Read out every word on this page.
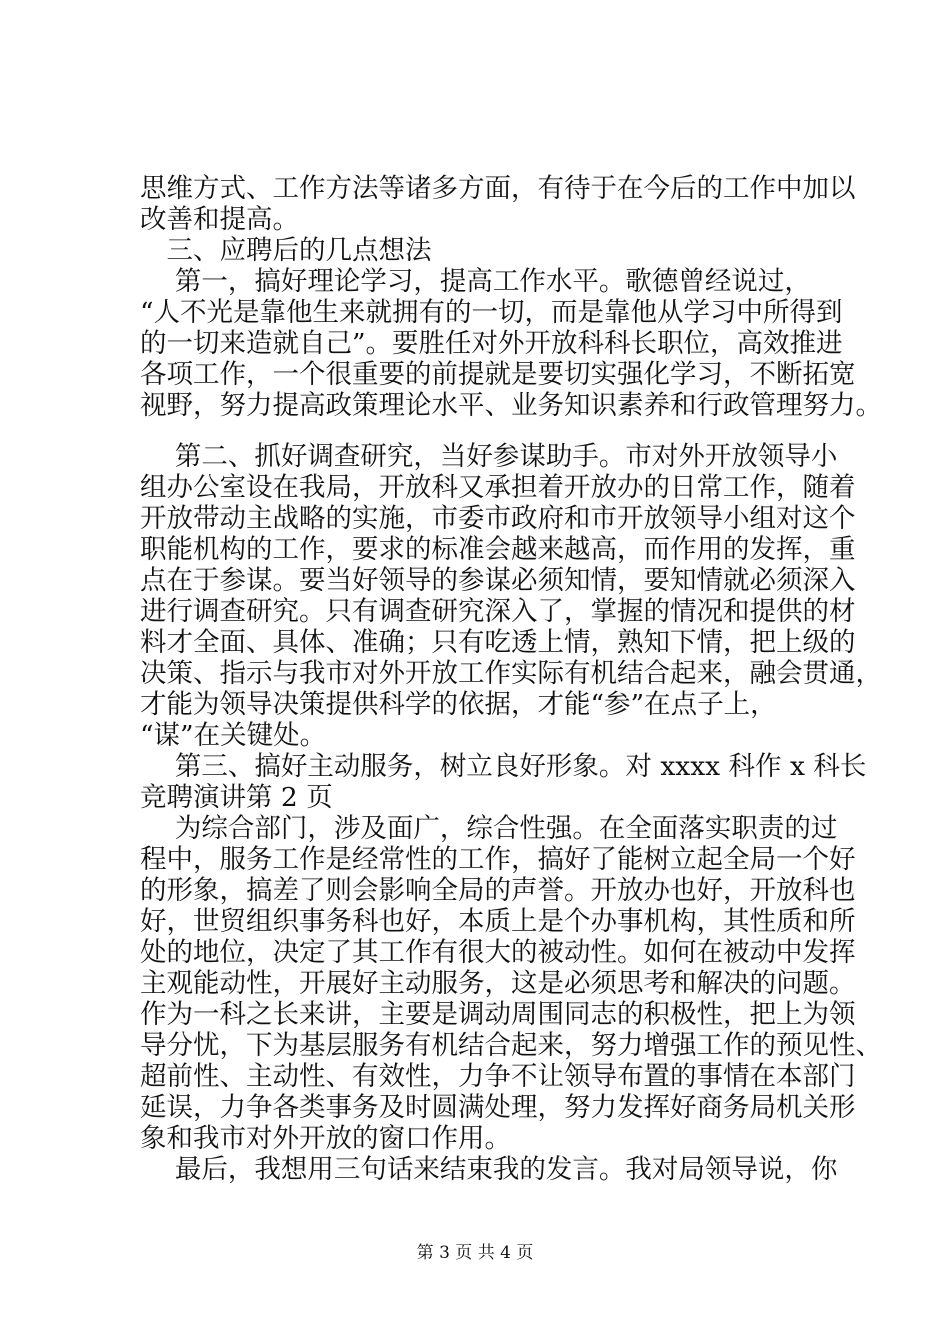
思维方式、工作方法等诸多方面，有待于在今后的工作中加以
改善和提高。
　三、应聘后的几点想法
　 第一，搞好理论学习，提高工作水平。歌德曾经说过，
“人不光是靠他生来就拥有的一切，而是靠他从学习中所得到
的一切来造就自己”。要胜任对外开放科科长职位，高效推进
各项工作，一个很重要的前提就是要切实强化学习，不断拓宽
视野，努力提高政策理论水平、业务知识素养和行政管理努力。
　 第二、抓好调查研究，当好参谋助手。市对外开放领导小
组办公室设在我局，开放科又承担着开放办的日常工作，随着
开放带动主战略的实施，市委市政府和市开放领导小组对这个
职能机构的工作，要求的标准会越来越高，而作用的发挥，重
点在于参谋。要当好领导的参谋必须知情，要知情就必须深入
进行调查研究。只有调查研究深入了，掌握的情况和提供的材
料才全面、具体、准确；只有吃透上情，熟知下情，把上级的
决策、指示与我市对外开放工作实际有机结合起来，融会贯通，
才能为领导决策提供科学的依据，才能“参”在点子上，
“谋”在关键处。
　 第三、搞好主动服务，树立良好形象。对 xxxx 科作 x 科长
竞聘演讲第 2 页
　 为综合部门，涉及面广，综合性强。在全面落实职责的过
程中，服务工作是经常性的工作，搞好了能树立起全局一个好
的形象，搞差了则会影响全局的声誉。开放办也好，开放科也
好，世贸组织事务科也好，本质上是个办事机构，其性质和所
处的地位，决定了其工作有很大的被动性。如何在被动中发挥
主观能动性，开展好主动服务，这是必须思考和解决的问题。
作为一科之长来讲，主要是调动周围同志的积极性，把上为领
导分忧，下为基层服务有机结合起来，努力增强工作的预见性、
超前性、主动性、有效性，力争不让领导布置的事情在本部门
延误，力争各类事务及时圆满处理，努力发挥好商务局机关形
象和我市对外开放的窗口作用。
　 最后，我想用三句话来结束我的发言。我对局领导说，你
第 3 页 共 4 页
